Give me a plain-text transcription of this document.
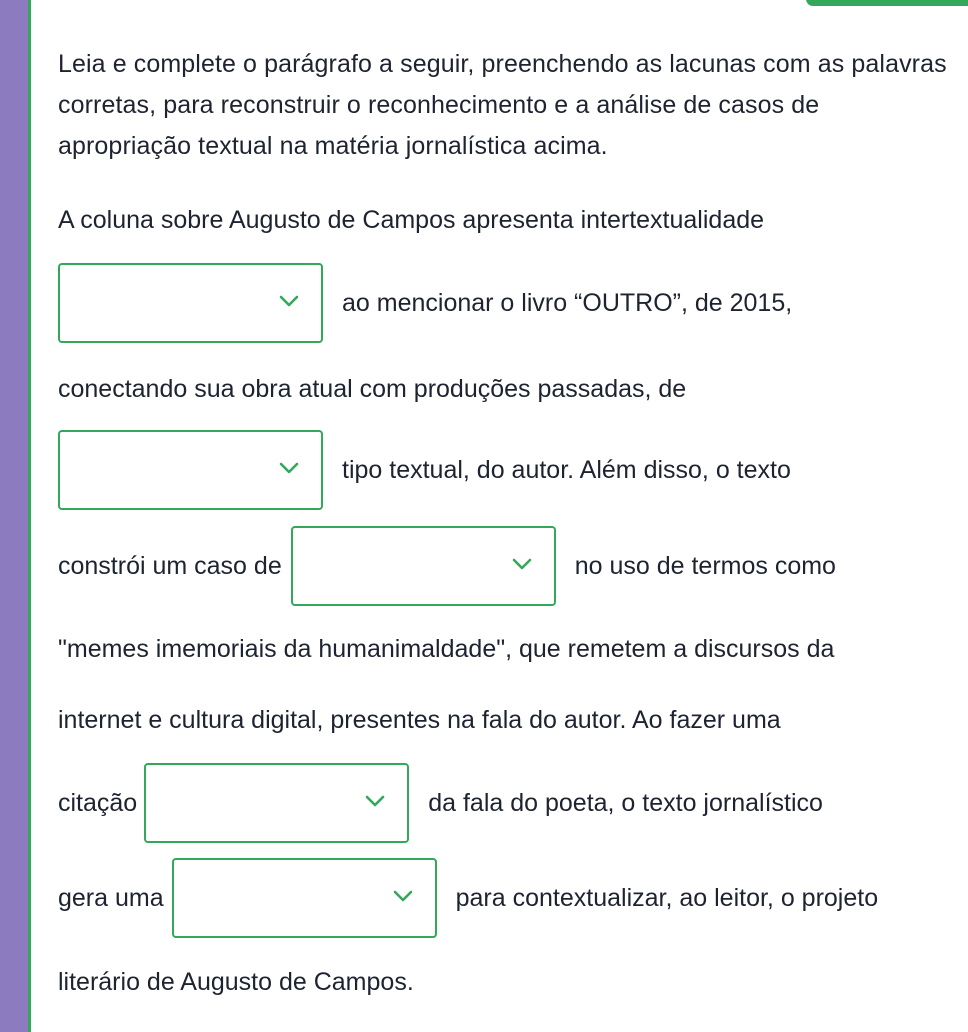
Leia e complete o parágrafo a seguir, preenchendo as lacunas com as palavras corretas, para reconstruir o reconhecimento e a análise de casos de apropriação textual na matéria jornalística acima.
A coluna sobre Augusto de Campos apresenta intertextualidade
ao mencionar o livro “OUTRO”, de 2015,
conectando sua obra atual com produções passadas, de
tipo textual, do autor. Além disso, o texto
constrói um caso de	no uso de termos como
"memes imemoriais da humanimaldade", que remetem a discursos da
internet e cultura digital, presentes na fala do autor. Ao fazer uma
citação	da fala do poeta, o texto jornalístico
gera uma	para contextualizar, ao leitor, o projeto
literário de Augusto de Campos.
